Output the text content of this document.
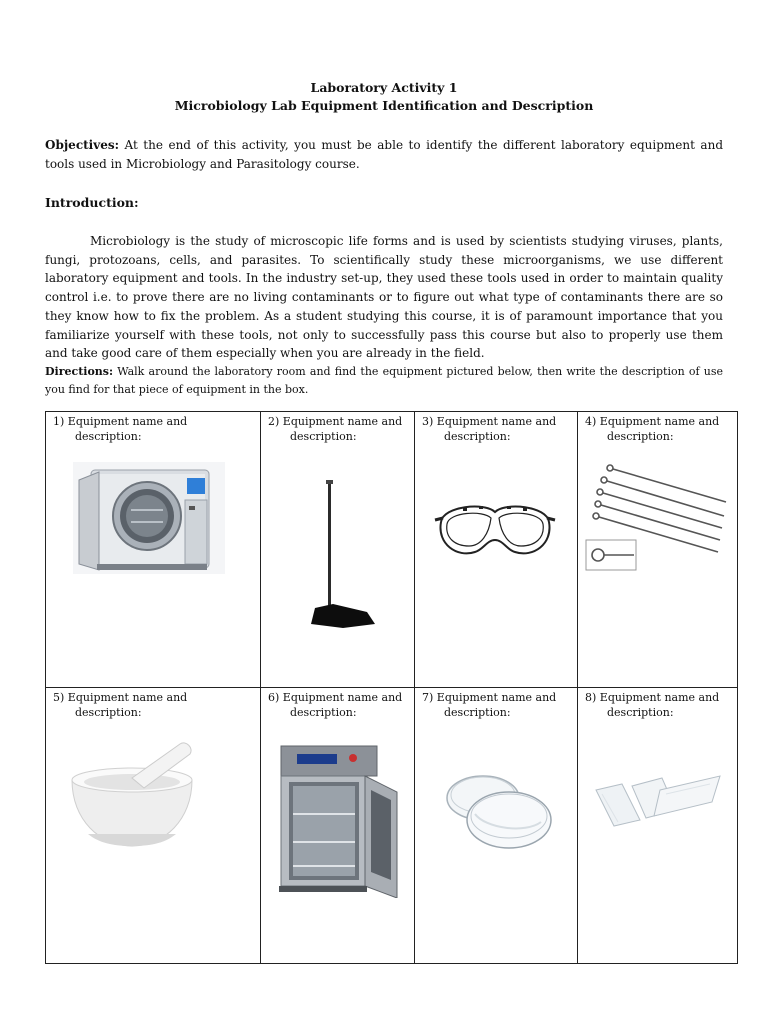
Laboratory Activity 1
Microbiology Lab Equipment Identification and Description
Objectives: At the end of this activity, you must be able to identify the different laboratory equipment and tools used in Microbiology and Parasitology course.
Introduction:
Microbiology is the study of microscopic life forms and is used by scientists studying viruses, plants, fungi, protozoans, cells, and parasites. To scientifically study these microorganisms, we use different laboratory equipment and tools. In the industry set-up, they used these tools used in order to maintain quality control i.e. to prove there are no living contaminants or to figure out what type of contaminants there are so they know how to fix the problem. As a student studying this course, it is of paramount importance that you familiarize yourself with these tools, not only to successfully pass this course but also to properly use them and take good care of them especially when you are already in the field.
Directions: Walk around the laboratory room and find the equipment pictured below, then write the description of use you find for that piece of equipment in the box.
1) Equipment name and
description:	2) Equipment name and
description:	3) Equipment name and
description:	4) Equipment name and
description:

5) Equipment name and
description:	6) Equipment name and
description:	7) Equipment name and
description:	8) Equipment name and
description:
